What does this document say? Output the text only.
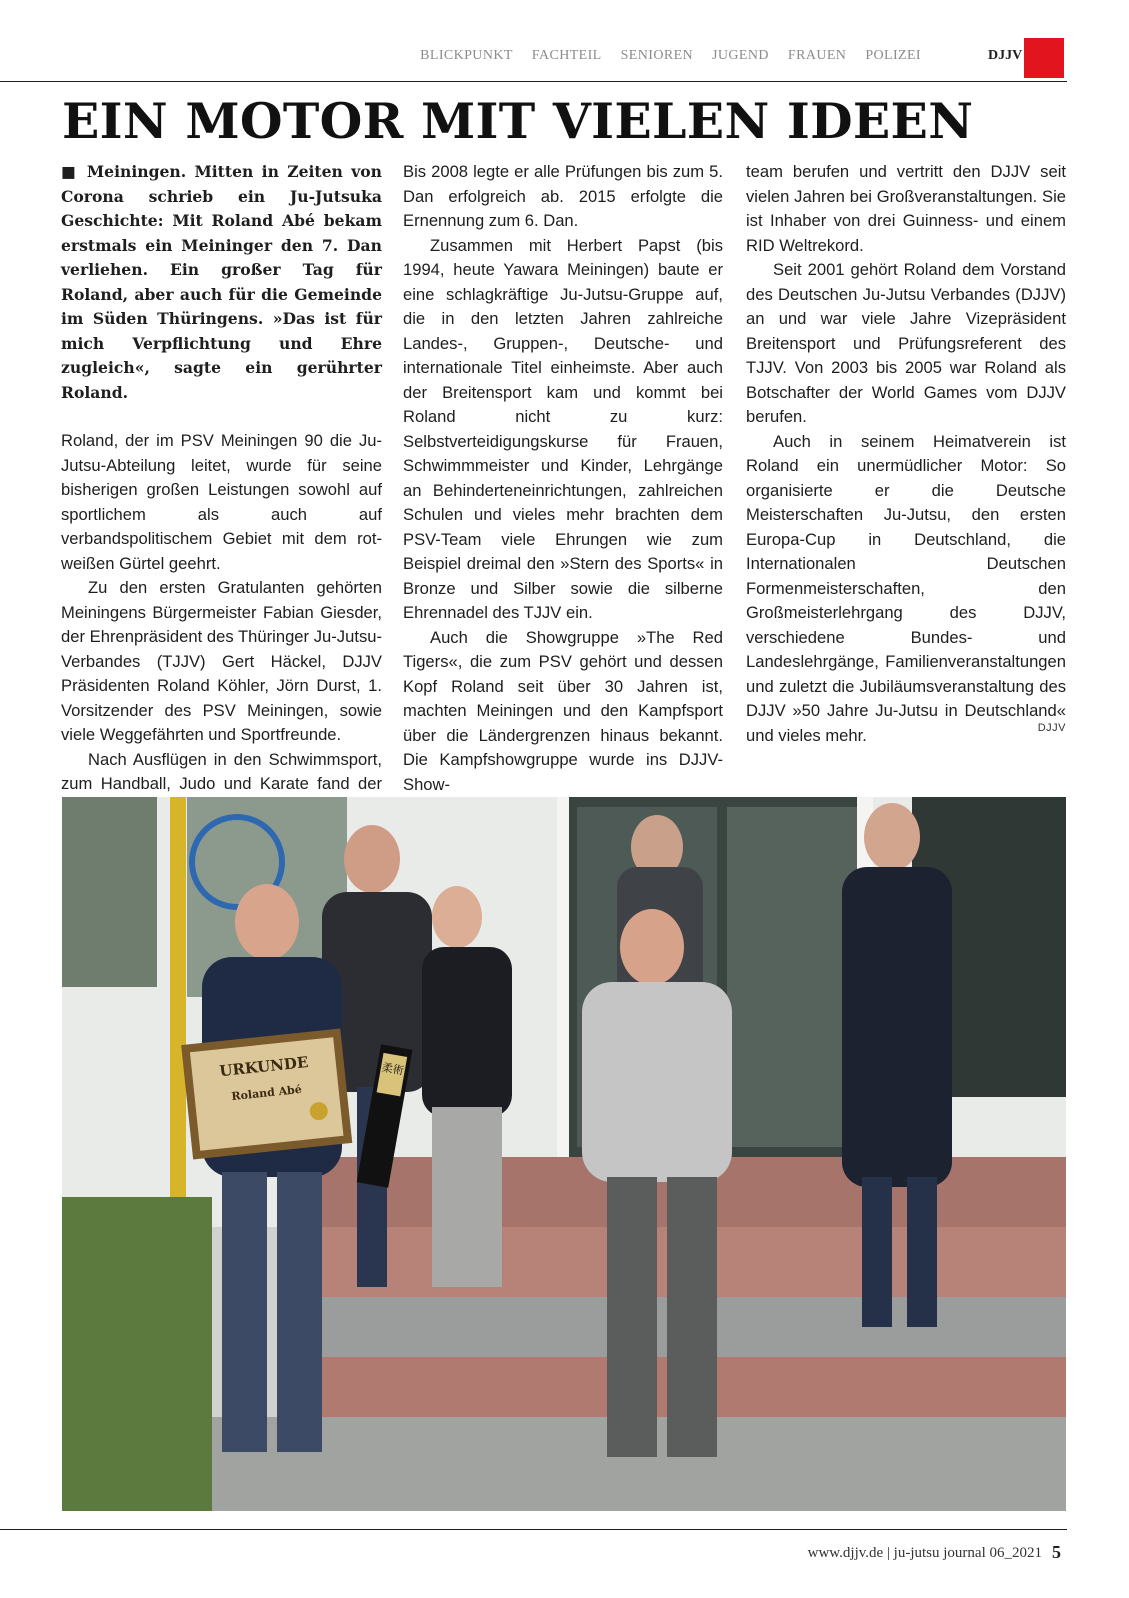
BLICKPUNKT FACHTEIL SENIOREN JUGEND FRAUEN POLIZEI	DJJV
EIN MOTOR MIT VIELEN IDEEN

■ Meiningen. Mitten in Zeiten von Corona schrieb ein Ju-Jutsuka Geschichte: Mit Roland Abé bekam erstmals ein Meininger den 7. Dan verliehen. Ein großer Tag für Roland, aber auch für die Gemeinde im Süden Thüringens. »Das ist für mich Verpflichtung und Ehre zugleich«, sagte ein gerührter Roland.

Roland, der im PSV Meiningen 90 die Ju-Jutsu-Abteilung leitet, wurde für seine bisherigen großen Leistungen sowohl auf sportlichem als auch auf verbandspolitischem Gebiet mit dem rot-weißen Gürtel geehrt.

Zu den ersten Gratulanten gehörten Meiningens Bürgermeister Fabian Giesder, der Ehrenpräsident des Thüringer Ju-Jutsu-Verbandes (TJJV) Gert Häckel, DJJV Präsidenten Roland Köhler, Jörn Durst, 1. Vorsitzender des PSV Meiningen, sowie viele Weggefährten und Sportfreunde.

Nach Ausflügen in den Schwimmsport, zum Handball, Judo und Karate fand der

Bis 2008 legte er alle Prüfungen bis zum 5. Dan erfolgreich ab. 2015 erfolgte die Ernennung zum 6. Dan.

Zusammen mit Herbert Papst (bis 1994, heute Yawara Meiningen) baute er eine schlagkräftige Ju-Jutsu-Gruppe auf, die in den letzten Jahren zahlreiche Landes-, Gruppen-, Deutsche- und internationale Titel einheimste. Aber auch der Breitensport kam und kommt bei Roland nicht zu kurz: Selbstverteidigungskurse für Frauen, Schwimmmeister und Kinder, Lehrgänge an Behinderteneinrichtungen, zahlreichen Schulen und vieles mehr brachten dem PSV-Team viele Ehrungen wie zum Beispiel dreimal den »Stern des Sports« in Bronze und Silber sowie die silberne Ehrennadel des TJJV ein.

Auch die Showgruppe »The Red Tigers«, die zum PSV gehört und dessen Kopf Roland seit über 30 Jahren ist, machten Meiningen und den Kampfsport über die Ländergrenzen hinaus bekannt. Die Kampfshowgruppe wurde ins DJJV-Show-

team berufen und vertritt den DJJV seit vielen Jahren bei Großveranstaltungen. Sie ist Inhaber von drei Guinness- und einem RID Weltrekord.

Seit 2001 gehört Roland dem Vorstand des Deutschen Ju-Jutsu Verbandes (DJJV) an und war viele Jahre Vizepräsident Breitensport und Prüfungsreferent des TJJV. Von 2003 bis 2005 war Roland als Botschafter der World Games vom DJJV berufen.

Auch in seinem Heimatverein ist Roland ein unermüdlicher Motor: So organisierte er die Deutsche Meisterschaften Ju-Jutsu, den ersten Europa-Cup in Deutschland, die Internationalen Deutschen Formenmeisterschaften, den Großmeisterlehrgang des DJJV, verschiedene Bundes- und Landeslehrgänge, Familienveranstaltungen und zuletzt die Jubiläumsveranstaltung des DJJV »50 Jahre Ju-Jutsu in Deutschland« und vieles mehr.	DJJV
URKUNDE
Roland Abé
柔術
www.djjv.de | ju-jutsu journal 06_2021 5
